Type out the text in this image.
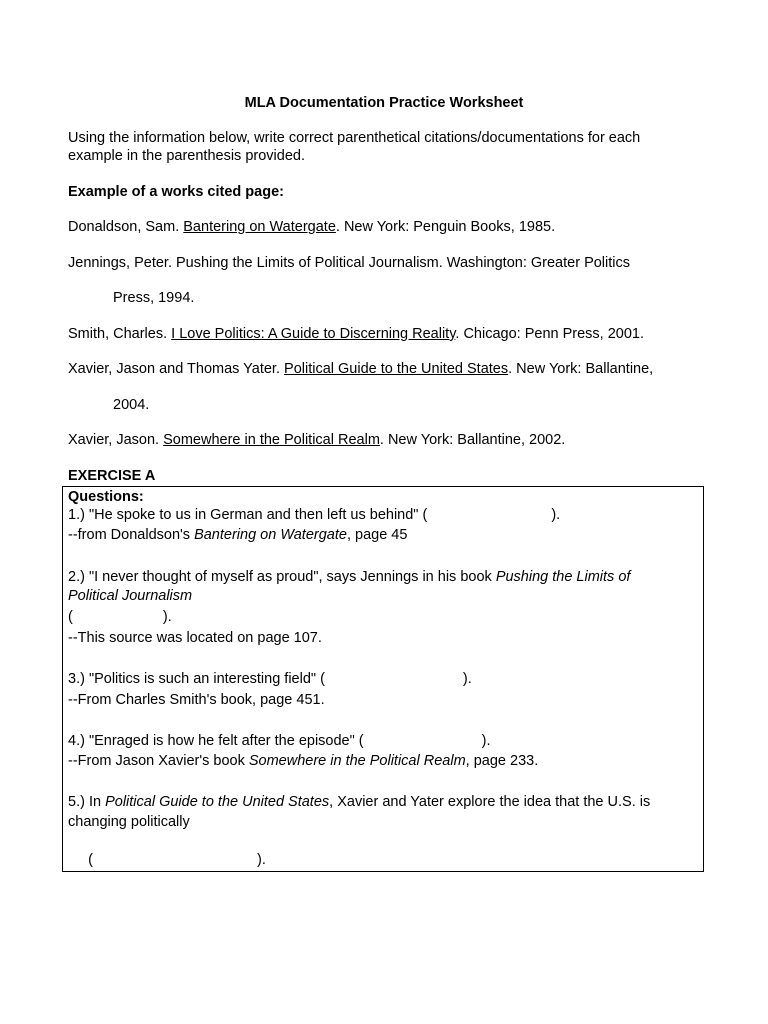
MLA Documentation Practice Worksheet
Using the information below, write correct parenthetical citations/documentations for each
example in the parenthesis provided.
Example of a works cited page:
Donaldson, Sam. Bantering on Watergate. New York: Penguin Books, 1985.
Jennings, Peter. Pushing the Limits of Political Journalism. Washington: Greater Politics
Press, 1994.
Smith, Charles. I Love Politics: A Guide to Discerning Reality. Chicago: Penn Press, 2001.
Xavier, Jason and Thomas Yater. Political Guide to the United States. New York: Ballantine,
2004.
Xavier, Jason. Somewhere in the Political Realm. New York: Ballantine, 2002.
EXERCISE A
Questions:
1.) "He spoke to us in German and then left us behind" (	).
--from Donaldson's Bantering on Watergate, page 45
2.) "I never thought of myself as proud", says Jennings in his book Pushing the Limits of
Political Journalism
(	).
--This source was located on page 107.
3.) "Politics is such an interesting field" (	).
--From Charles Smith's book, page 451.
4.) "Enraged is how he felt after the episode" (	).
--From Jason Xavier's book Somewhere in the Political Realm, page 233.
5.) In Political Guide to the United States, Xavier and Yater explore the idea that the U.S. is
changing politically

(	).
